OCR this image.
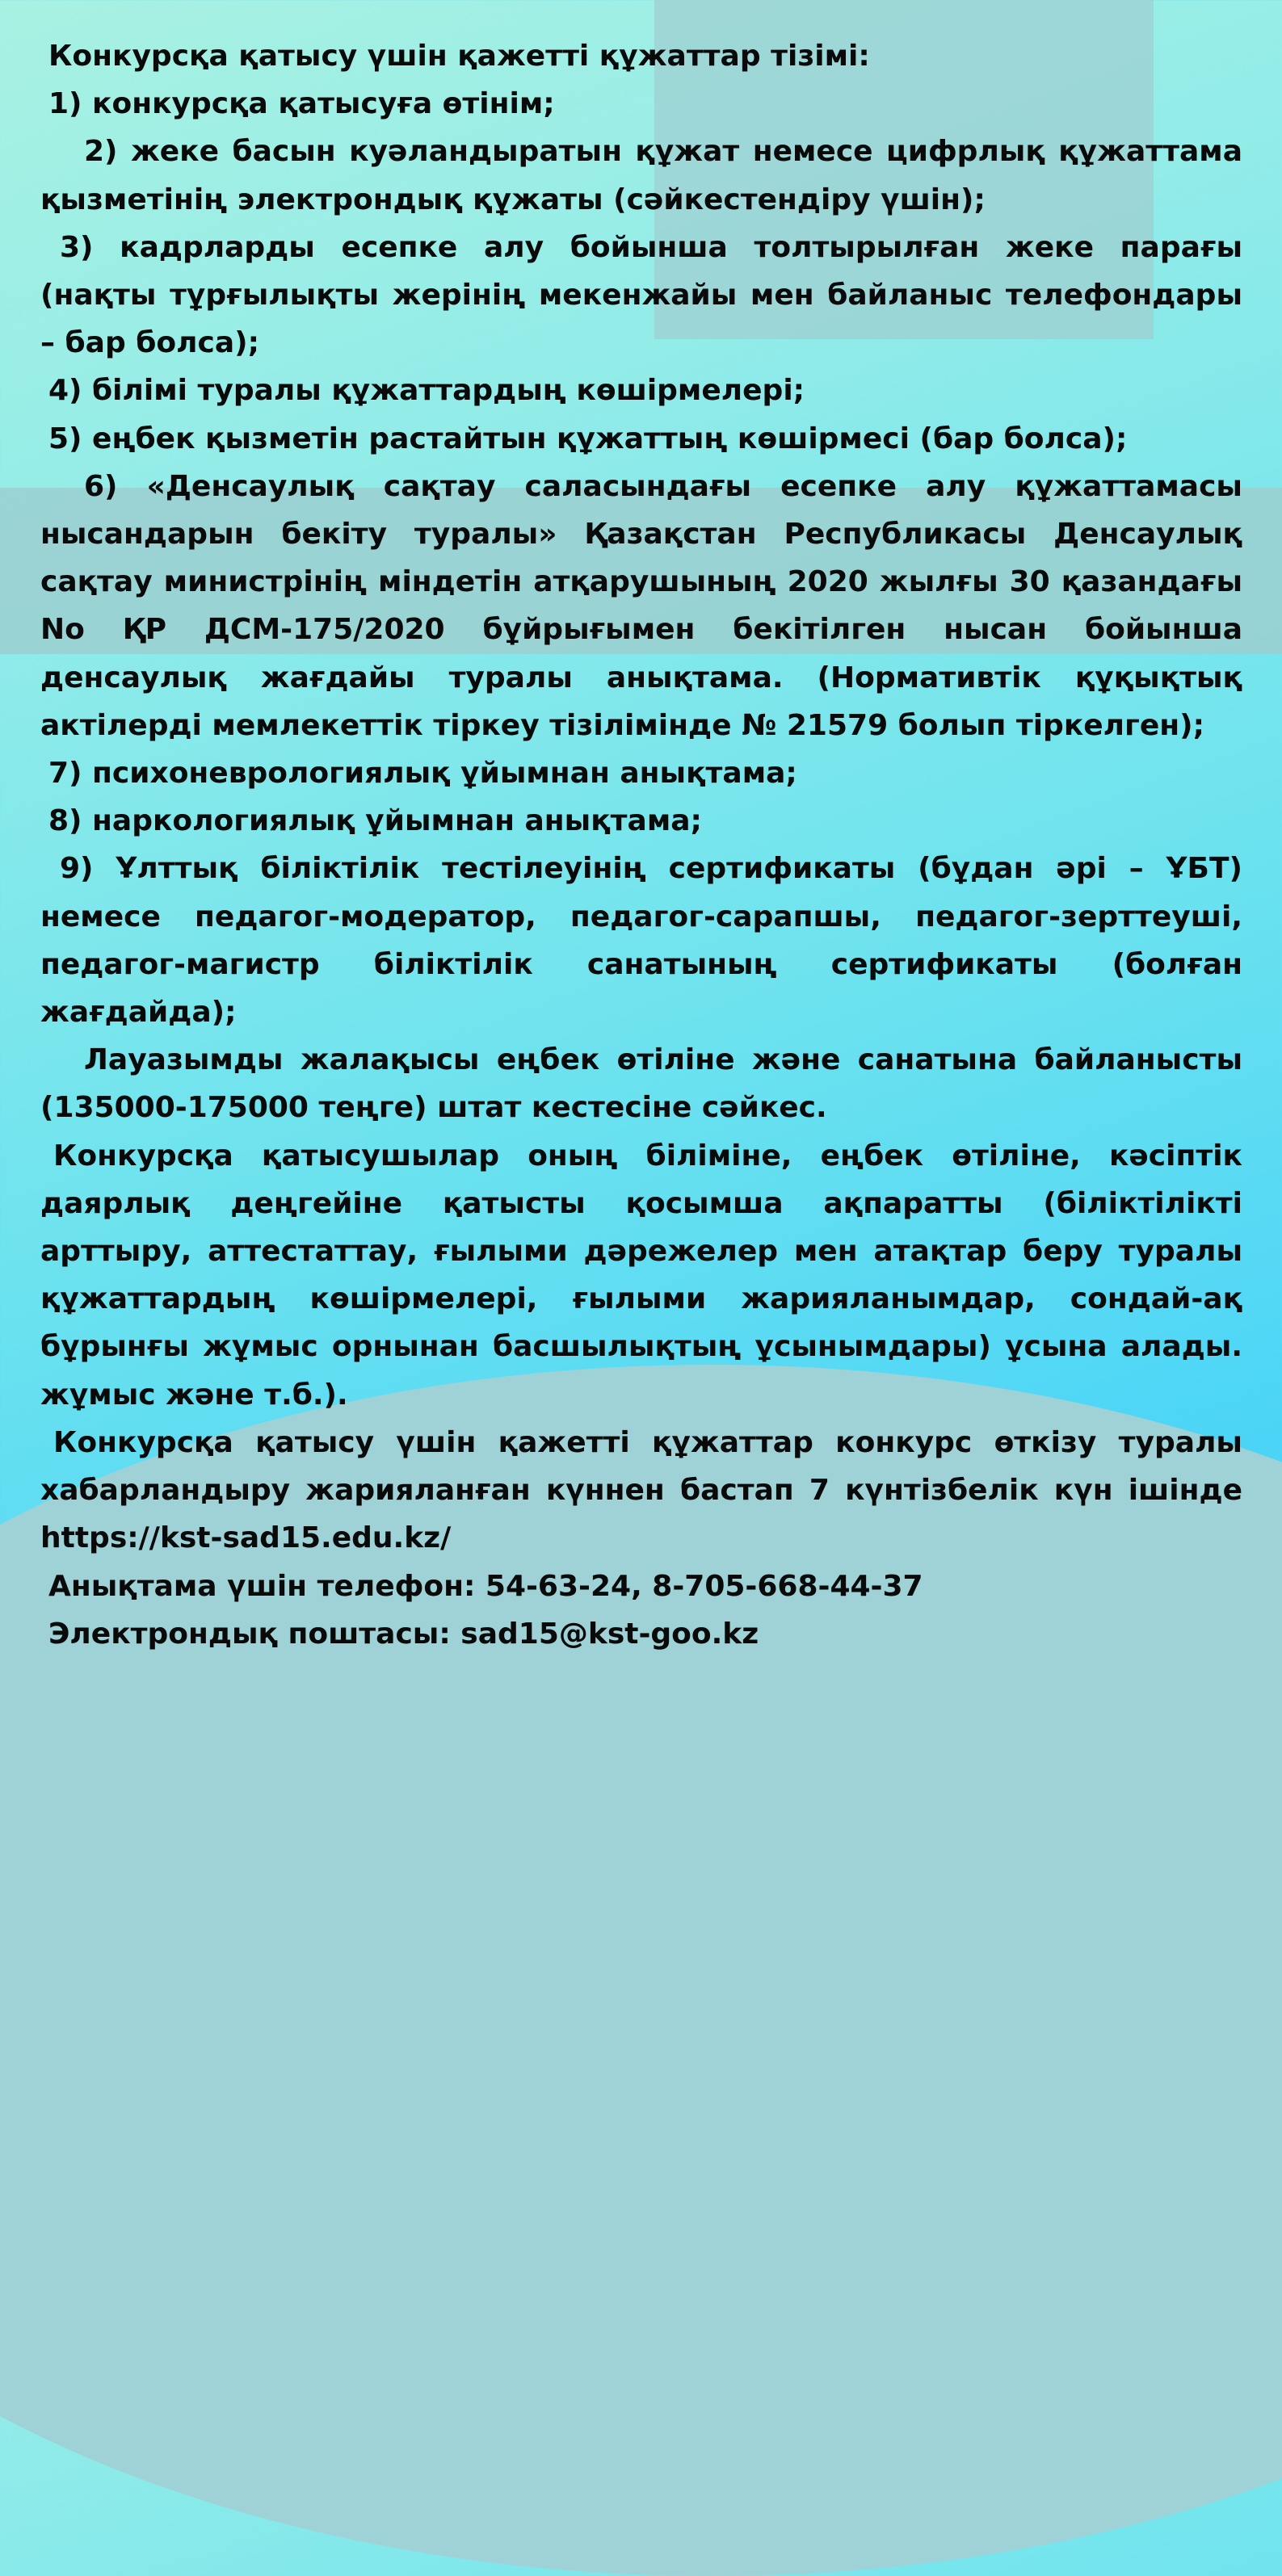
Конкурсқа қатысу үшін қажетті құжаттар тізімі:

1) конкурсқа қатысуға өтінім;

2) жеке басын куәландыратын құжат немесе цифрлық құжаттама қызметінің электрондық құжаты (сәйкестендіру үшін);

3) кадрларды есепке алу бойынша толтырылған жеке парағы (нақты тұрғылықты жерінің мекенжайы мен байланыс телефондары – бар болса);

4) білімі туралы құжаттардың көшірмелері;

5) еңбек қызметін растайтын құжаттың көшірмесі (бар болса);

6) «Денсаулық сақтау саласындағы есепке алу құжаттамасы нысандарын бекіту туралы» Қазақстан Республикасы Денсаулық сақтау министрінің міндетін атқарушының 2020 жылғы 30 қазандағы No ҚР ДСМ-175/2020 бұйрығымен бекітілген нысан бойынша денсаулық жағдайы туралы анықтама. (Нормативтік құқықтық актілерді мемлекеттік тіркеу тізілімінде № 21579 болып тіркелген);

7) психоневрологиялық ұйымнан анықтама;

8) наркологиялық ұйымнан анықтама;

9) Ұлттық біліктілік тестілеуінің сертификаты (бұдан әрі – ҰБТ) немесе педагог-модератор, педагог-сарапшы, педагог-зерттеуші, педагог-магистр біліктілік санатының сертификаты (болған жағдайда);

Лауазымды жалақысы еңбек өтіліне және санатына байланысты (135000-175000 теңге) штат кестесіне сәйкес.

Конкурсқа қатысушылар оның біліміне, еңбек өтіліне, кәсіптік даярлық деңгейіне қатысты қосымша ақпаратты (біліктілікті арттыру, аттестаттау, ғылыми дәрежелер мен атақтар беру туралы құжаттардың көшірмелері, ғылыми жарияланымдар, сондай-ақ бұрынғы жұмыс орнынан басшылықтың ұсынымдары) ұсына алады. жұмыс және т.б.).

Конкурсқа қатысу үшін қажетті құжаттар конкурс өткізу туралы хабарландыру жарияланған күннен бастап 7 күнтізбелік күн ішінде https://kst-sad15.edu.kz/

Анықтама үшін телефон: 54-63-24, 8-705-668-44-37

Электрондық поштасы: sad15@kst-goo.kz
